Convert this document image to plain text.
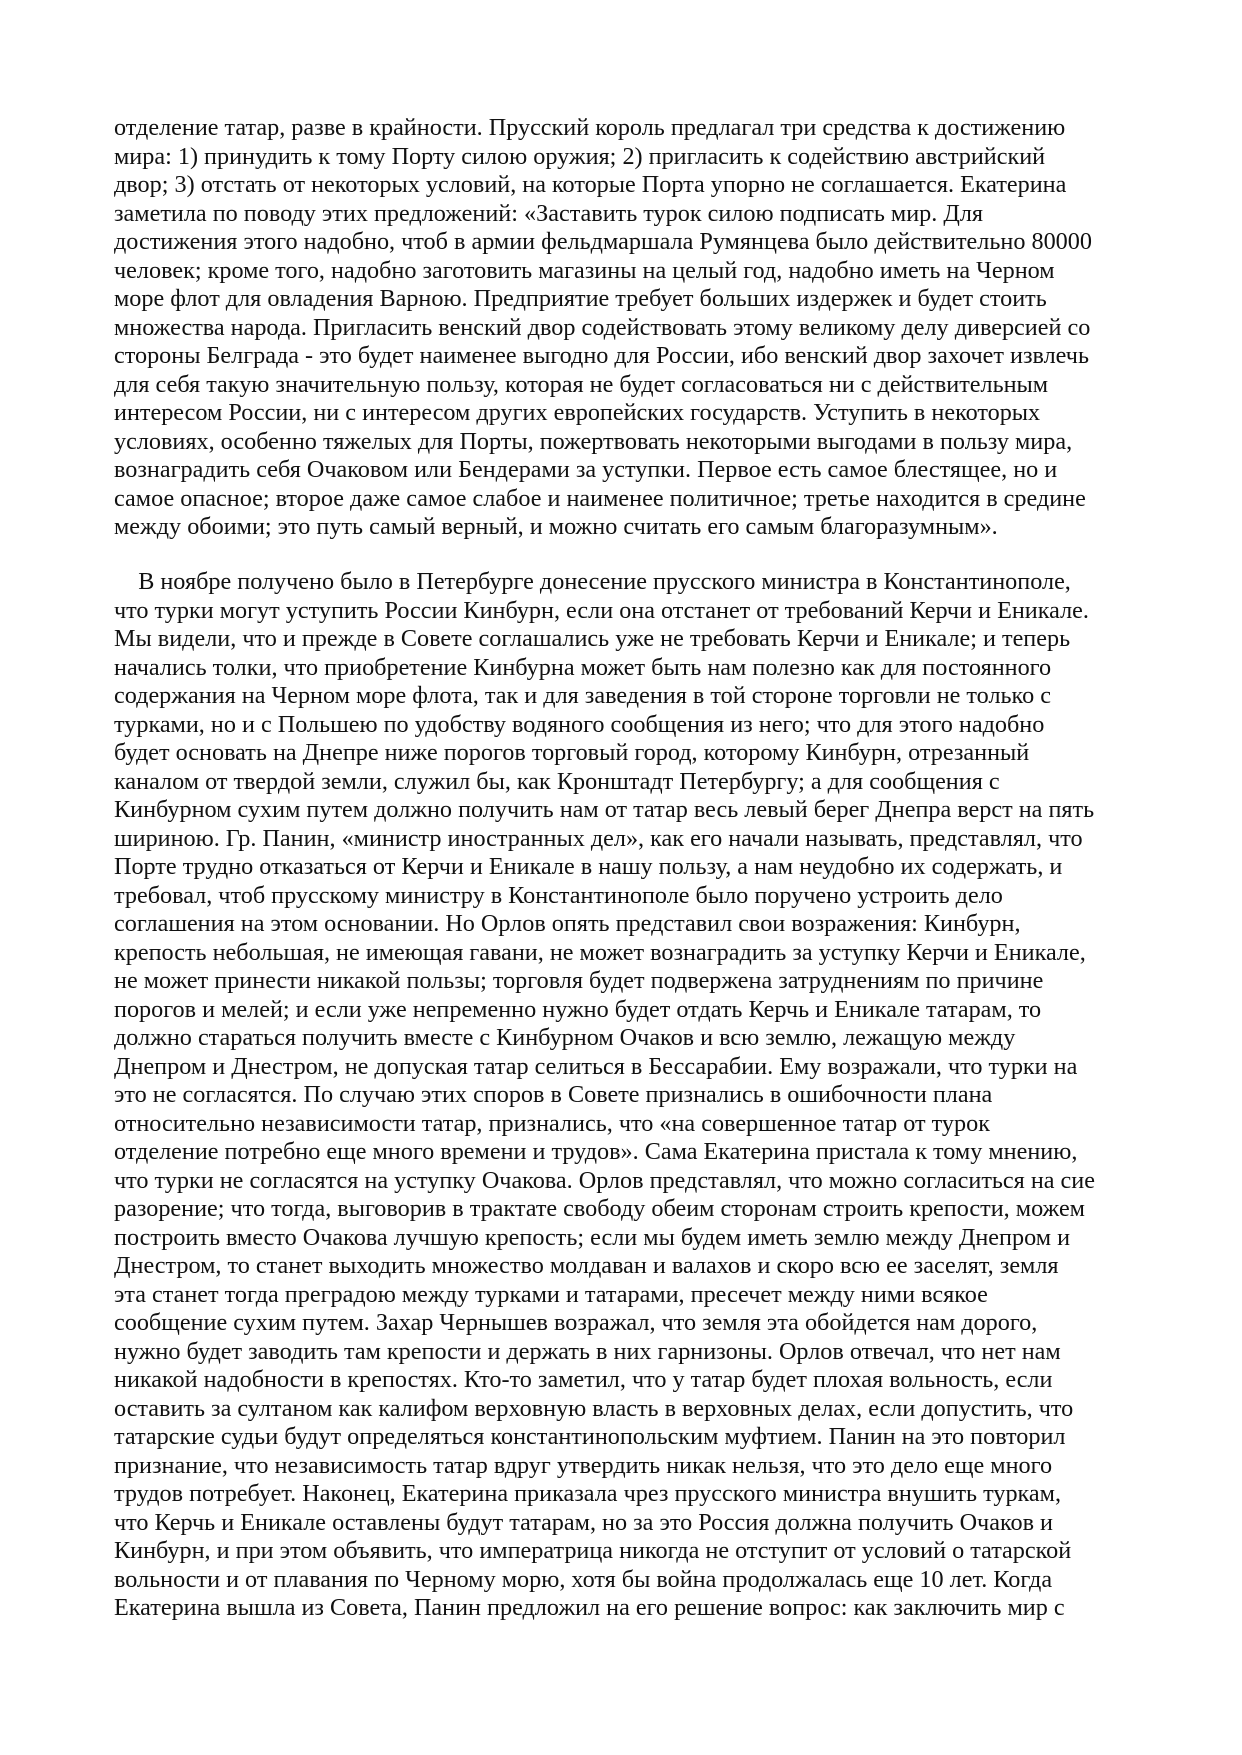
отделение татар, разве в крайности. Прусский король предлагал три средства к достижению
мира: 1) принудить к тому Порту силою оружия; 2) пригласить к содействию австрийский
двор; 3) отстать от некоторых условий, на которые Порта упорно не соглашается. Екатерина
заметила по поводу этих предложений: «Заставить турок силою подписать мир. Для
достижения этого надобно, чтоб в армии фельдмаршала Румянцева было действительно 80000
человек; кроме того, надобно заготовить магазины на целый год, надобно иметь на Черном
море флот для овладения Варною. Предприятие требует больших издержек и будет стоить
множества народа. Пригласить венский двор содействовать этому великому делу диверсией со
стороны Белграда - это будет наименее выгодно для России, ибо венский двор захочет извлечь
для себя такую значительную пользу, которая не будет согласоваться ни с действительным
интересом России, ни с интересом других европейских государств. Уступить в некоторых
условиях, особенно тяжелых для Порты, пожертвовать некоторыми выгодами в пользу мира,
вознаградить себя Очаковом или Бендерами за уступки. Первое есть самое блестящее, но и
самое опасное; второе даже самое слабое и наименее политичное; третье находится в средине
между обоими; это путь самый верный, и можно считать его самым благоразумным».
В ноябре получено было в Петербурге донесение прусского министра в Константинополе,
что турки могут уступить России Кинбурн, если она отстанет от требований Керчи и Еникале.
Мы видели, что и прежде в Совете соглашались уже не требовать Керчи и Еникале; и теперь
начались толки, что приобретение Кинбурна может быть нам полезно как для постоянного
содержания на Черном море флота, так и для заведения в той стороне торговли не только с
турками, но и с Польшею по удобству водяного сообщения из него; что для этого надобно
будет основать на Днепре ниже порогов торговый город, которому Кинбурн, отрезанный
каналом от твердой земли, служил бы, как Кронштадт Петербургу; а для сообщения с
Кинбурном сухим путем должно получить нам от татар весь левый берег Днепра верст на пять
шириною. Гр. Панин, «министр иностранных дел», как его начали называть, представлял, что
Порте трудно отказаться от Керчи и Еникале в нашу пользу, а нам неудобно их содержать, и
требовал, чтоб прусскому министру в Константинополе было поручено устроить дело
соглашения на этом основании. Но Орлов опять представил свои возражения: Кинбурн,
крепость небольшая, не имеющая гавани, не может вознаградить за уступку Керчи и Еникале,
не может принести никакой пользы; торговля будет подвержена затруднениям по причине
порогов и мелей; и если уже непременно нужно будет отдать Керчь и Еникале татарам, то
должно стараться получить вместе с Кинбурном Очаков и всю землю, лежащую между
Днепром и Днестром, не допуская татар селиться в Бессарабии. Ему возражали, что турки на
это не согласятся. По случаю этих споров в Совете признались в ошибочности плана
относительно независимости татар, признались, что «на совершенное татар от турок
отделение потребно еще много времени и трудов». Сама Екатерина пристала к тому мнению,
что турки не согласятся на уступку Очакова. Орлов представлял, что можно согласиться на сие
разорение; что тогда, выговорив в трактате свободу обеим сторонам строить крепости, можем
построить вместо Очакова лучшую крепость; если мы будем иметь землю между Днепром и
Днестром, то станет выходить множество молдаван и валахов и скоро всю ее заселят, земля
эта станет тогда преградою между турками и татарами, пресечет между ними всякое
сообщение сухим путем. Захар Чернышев возражал, что земля эта обойдется нам дорого,
нужно будет заводить там крепости и держать в них гарнизоны. Орлов отвечал, что нет нам
никакой надобности в крепостях. Кто-то заметил, что у татар будет плохая вольность, если
оставить за султаном как калифом верховную власть в верховных делах, если допустить, что
татарские судьи будут определяться константинопольским муфтием. Панин на это повторил
признание, что независимость татар вдруг утвердить никак нельзя, что это дело еще много
трудов потребует. Наконец, Екатерина приказала чрез прусского министра внушить туркам,
что Керчь и Еникале оставлены будут татарам, но за это Россия должна получить Очаков и
Кинбурн, и при этом объявить, что императрица никогда не отступит от условий о татарской
вольности и от плавания по Черному морю, хотя бы война продолжалась еще 10 лет. Когда
Екатерина вышла из Совета, Панин предложил на его решение вопрос: как заключить мир с
